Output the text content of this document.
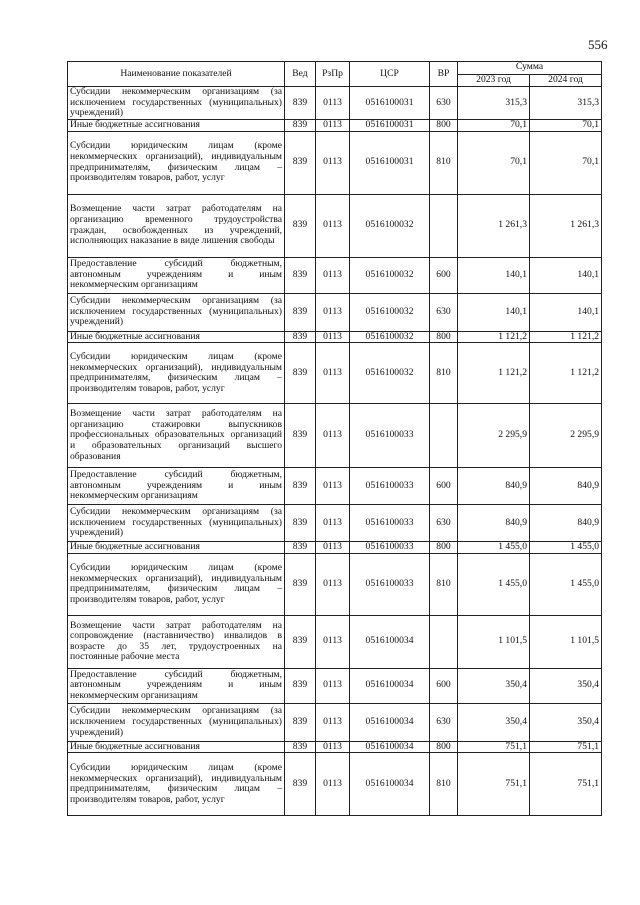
556
Наименование показателей	Вед	РзПр	ЦСР	ВР	Сумма	
					2023 год	2024 год
Субсидии некоммерческим организациям (за исключением государственных (муниципальных) учреждений)	839	0113	0516100031	630	315,3	315,3
Иные бюджетные ассигнования	839	0113	0516100031	800	70,1	70,1
Субсидии юридическим лицам (кроме некоммерческих организаций), индивидуальным предпринимателям, физическим лицам – производителям товаров, работ, услуг	839	0113	0516100031	810	70,1	70,1
Возмещение части затрат работодателям на организацию временного трудоустройства граждан, освобожденных из учреждений, исполняющих наказание в виде лишения свободы	839	0113	0516100032		1 261,3	1 261,3
Предоставление субсидий бюджетным, автономным учреждениям и иным некоммерческим организациям	839	0113	0516100032	600	140,1	140,1
Субсидии некоммерческим организациям (за исключением государственных (муниципальных) учреждений)	839	0113	0516100032	630	140,1	140,1
Иные бюджетные ассигнования	839	0113	0516100032	800	1 121,2	1 121,2
Субсидии юридическим лицам (кроме некоммерческих организаций), индивидуальным предпринимателям, физическим лицам – производителям товаров, работ, услуг	839	0113	0516100032	810	1 121,2	1 121,2
Возмещение части затрат работодателям на организацию стажировки выпускников профессиональных образовательных организаций и образовательных организаций высшего образования	839	0113	0516100033		2 295,9	2 295,9
Предоставление субсидий бюджетным, автономным учреждениям и иным некоммерческим организациям	839	0113	0516100033	600	840,9	840,9
Субсидии некоммерческим организациям (за исключением государственных (муниципальных) учреждений)	839	0113	0516100033	630	840,9	840,9
Иные бюджетные ассигнования	839	0113	0516100033	800	1 455,0	1 455,0
Субсидии юридическим лицам (кроме некоммерческих организаций), индивидуальным предпринимателям, физическим лицам – производителям товаров, работ, услуг	839	0113	0516100033	810	1 455,0	1 455,0
Возмещение части затрат работодателям на сопровождение (наставничество) инвалидов в возрасте до 35 лет, трудоустроенных на постоянные рабочие места	839	0113	0516100034		1 101,5	1 101,5
Предоставление субсидий бюджетным, автономным учреждениям и иным некоммерческим организациям	839	0113	0516100034	600	350,4	350,4
Субсидии некоммерческим организациям (за исключением государственных (муниципальных) учреждений)	839	0113	0516100034	630	350,4	350,4
Иные бюджетные ассигнования	839	0113	0516100034	800	751,1	751,1
Субсидии юридическим лицам (кроме некоммерческих организаций), индивидуальным предпринимателям, физическим лицам – производителям товаров, работ, услуг	839	0113	0516100034	810	751,1	751,1
